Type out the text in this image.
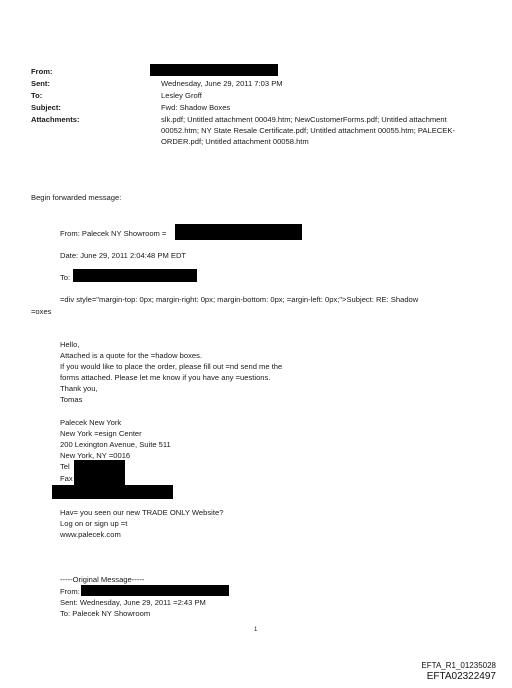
From:
Sent:	Wednesday, June 29, 2011 7:03 PM
To:	Lesley Groff
Subject:	Fwd: Shadow Boxes
Attachments:	slk.pdf; Untitled attachment 00049.htm; NewCustomerForms.pdf; Untitled attachment
00052.htm; NY State Resale Certificate.pdf; Untitled attachment 00055.htm; PALECEK-
ORDER.pdf; Untitled attachment 00058.htm
Begin forwarded message:
From: Palecek NY Showroom =
Date: June 29, 2011 2:04:48 PM EDT
To:
=div style="margin-top: 0px; margin-right: 0px; margin-bottom: 0px; =argin-left: 0px;">Subject: RE: Shadow
=oxes
Hello,
Attached is a quote for the =hadow boxes.
If you would like to place the order, please fill out =nd send me the
forms attached. Please let me know if you have any =uestions.
Thank you,
Tomas
Palecek New York
New York =esign Center
200 Lexington Avenue, Suite 511
New York, NY =0016
Tel
Fax
Hav= you seen our new TRADE ONLY Website?
Log on or sign up =t
www.palecek.com
-----Original Message-----
From:
Sent: Wednesday, June 29, 2011 =2:43 PM
To: Palecek NY Showroom
1
EFTA_R1_01235028
EFTA02322497
